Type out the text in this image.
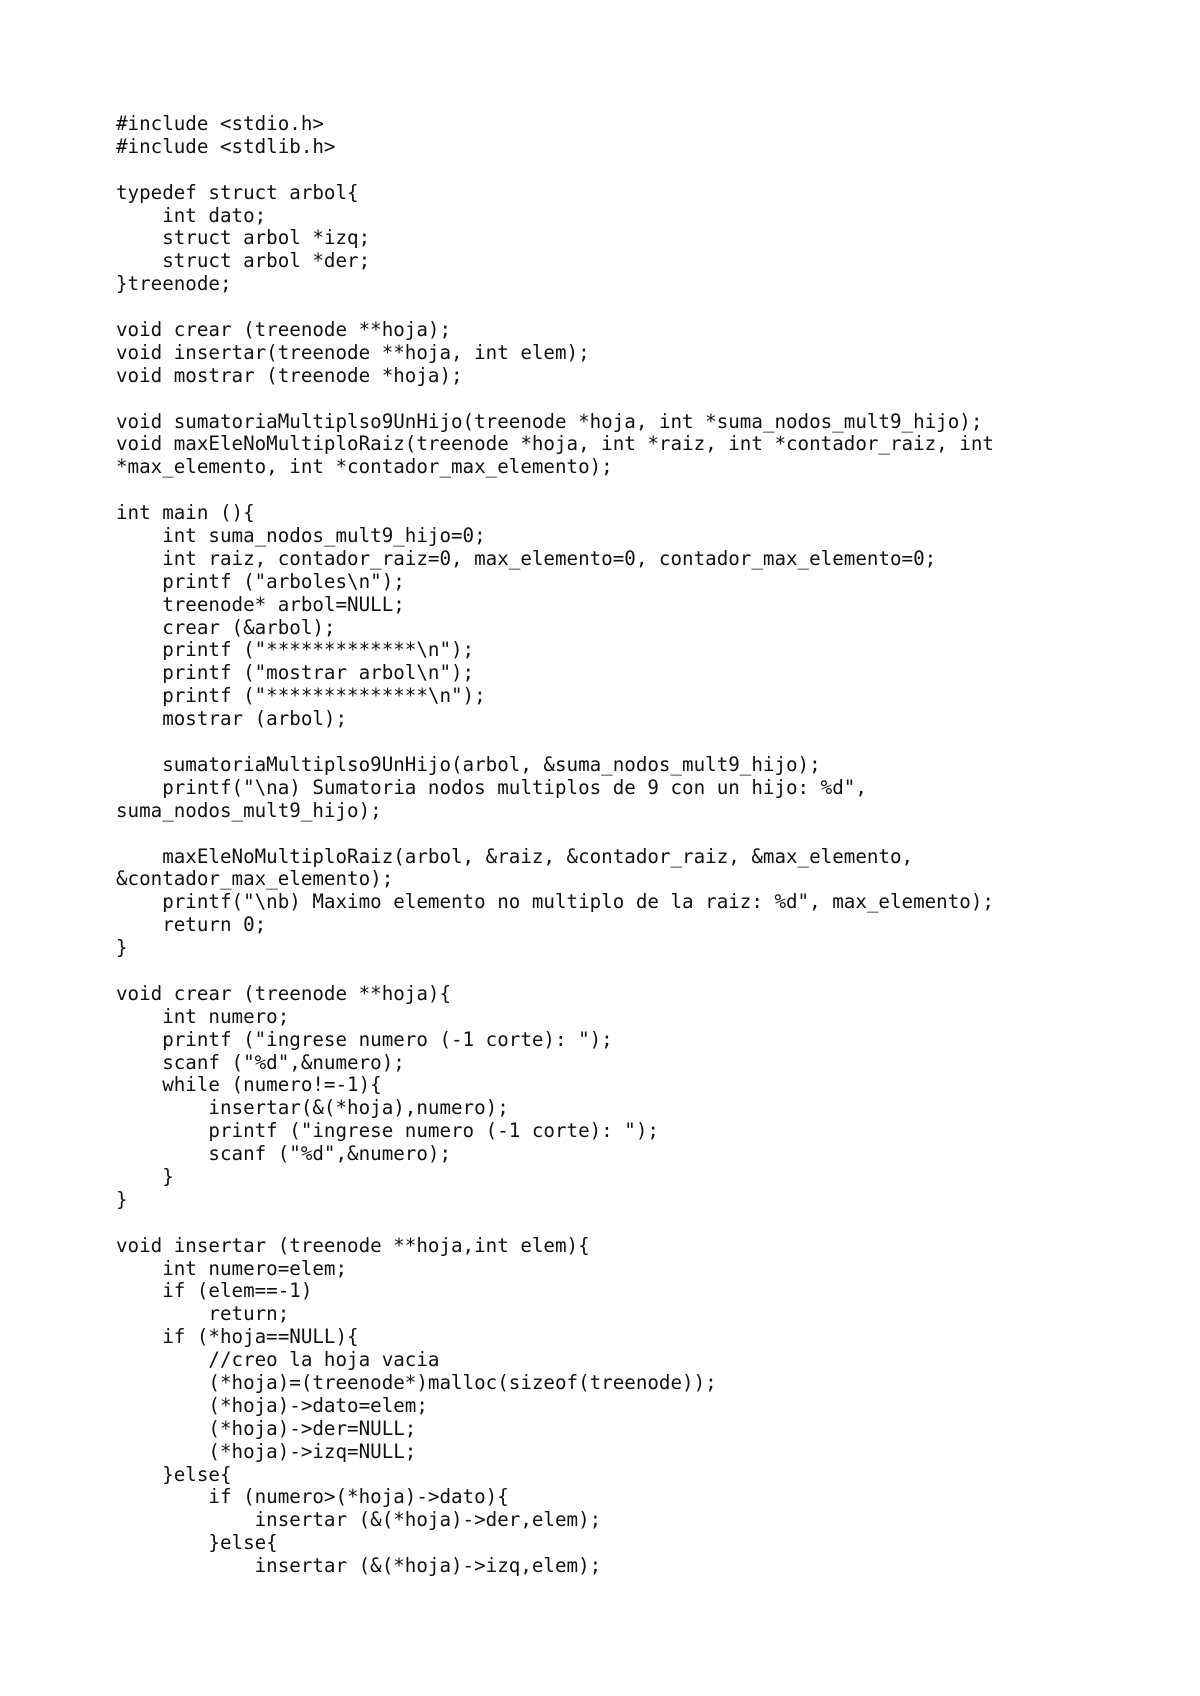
#include <stdio.h>
#include <stdlib.h>
typedef struct arbol{
int dato;
struct arbol *izq;
struct arbol *der;
}treenode;
void crear (treenode **hoja);
void insertar(treenode **hoja, int elem);
void mostrar (treenode *hoja);
void sumatoriaMultiplso9UnHijo(treenode *hoja, int *suma_nodos_mult9_hijo);
void maxEleNoMultiploRaiz(treenode *hoja, int *raiz, int *contador_raiz, int
*max_elemento, int *contador_max_elemento);
int main (){
int suma_nodos_mult9_hijo=0;
int raiz, contador_raiz=0, max_elemento=0, contador_max_elemento=0;
printf ("arboles\n");
treenode* arbol=NULL;
crear (&arbol);
printf ("*************\n");
printf ("mostrar arbol\n");
printf ("**************\n");
mostrar (arbol);
sumatoriaMultiplso9UnHijo(arbol, &suma_nodos_mult9_hijo);
printf("\na) Sumatoria nodos multiplos de 9 con un hijo: %d",
suma_nodos_mult9_hijo);
maxEleNoMultiploRaiz(arbol, &raiz, &contador_raiz, &max_elemento,
&contador_max_elemento);
printf("\nb) Maximo elemento no multiplo de la raiz: %d", max_elemento);
return 0;
}
void crear (treenode **hoja){
int numero;
printf ("ingrese numero (-1 corte): ");
scanf ("%d",&numero);
while (numero!=-1){
insertar(&(*hoja),numero);
printf ("ingrese numero (-1 corte): ");
scanf ("%d",&numero);
}
}
void insertar (treenode **hoja,int elem){
int numero=elem;
if (elem==-1)
return;
if (*hoja==NULL){
//creo la hoja vacia
(*hoja)=(treenode*)malloc(sizeof(treenode));
(*hoja)->dato=elem;
(*hoja)->der=NULL;
(*hoja)->izq=NULL;
}else{
if (numero>(*hoja)->dato){
insertar (&(*hoja)->der,elem);
}else{
insertar (&(*hoja)->izq,elem);
